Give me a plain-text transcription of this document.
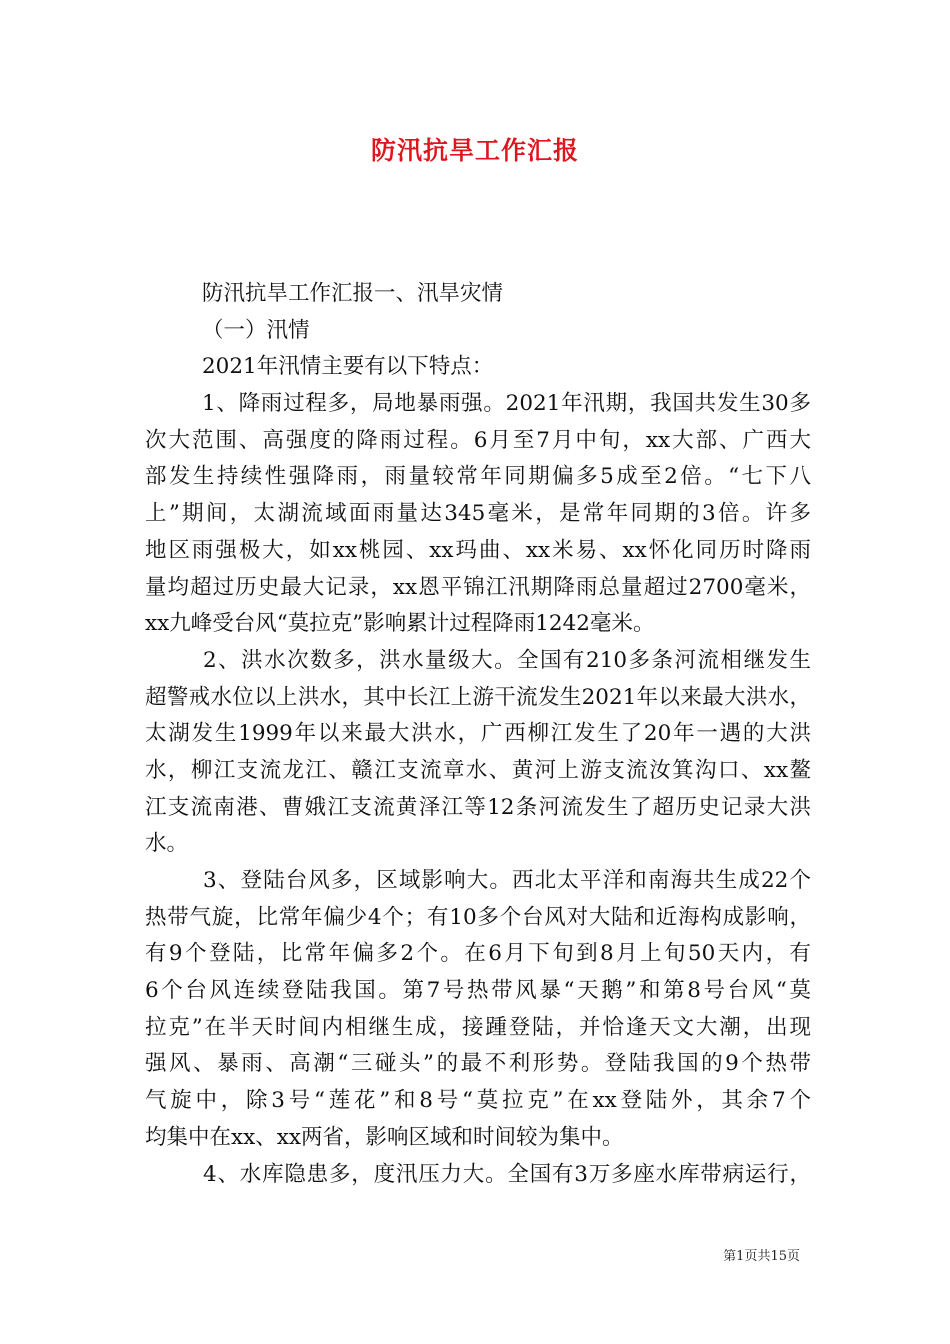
防汛抗旱工作汇报
防汛抗旱工作汇报一、汛旱灾情
（一）汛情
2021年汛情主要有以下特点：
1、降雨过程多，局地暴雨强。2021年汛期，我国共发生30多
次大范围、高强度的降雨过程。6月至7月中旬，xx大部、广西大
部发生持续性强降雨，雨量较常年同期偏多5成至2倍。“七下八
上”期间，太湖流域面雨量达345毫米，是常年同期的3倍。许多
地区雨强极大，如xx桃园、xx玛曲、xx米易、xx怀化同历时降雨
量均超过历史最大记录，xx恩平锦江汛期降雨总量超过2700毫米，
xx九峰受台风“莫拉克”影响累计过程降雨1242毫米。
2、洪水次数多，洪水量级大。全国有210多条河流相继发生
超警戒水位以上洪水，其中长江上游干流发生2021年以来最大洪水，
太湖发生1999年以来最大洪水，广西柳江发生了20年一遇的大洪
水，柳江支流龙江、赣江支流章水、黄河上游支流汝箕沟口、xx鳌
江支流南港、曹娥江支流黄泽江等12条河流发生了超历史记录大洪
水。
3、登陆台风多，区域影响大。西北太平洋和南海共生成22个
热带气旋，比常年偏少4个；有10多个台风对大陆和近海构成影响，
有9个登陆，比常年偏多2个。在6月下旬到8月上旬50天内，有
6个台风连续登陆我国。第7号热带风暴“天鹅”和第8号台风“莫
拉克”在半天时间内相继生成，接踵登陆，并恰逢天文大潮，出现
强风、暴雨、高潮“三碰头”的最不利形势。登陆我国的9个热带
气旋中，除3号“莲花”和8号“莫拉克”在xx登陆外，其余7个
均集中在xx、xx两省，影响区域和时间较为集中。
4、水库隐患多，度汛压力大。全国有3万多座水库带病运行，
第1页共15页
